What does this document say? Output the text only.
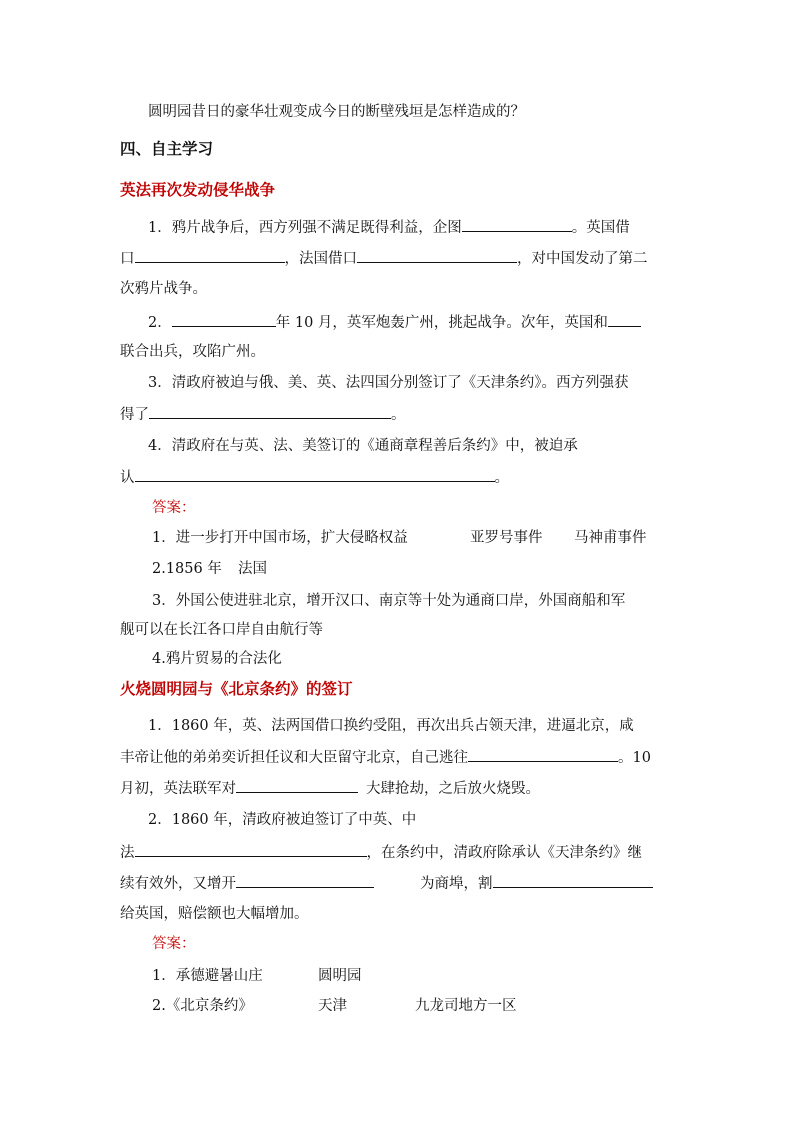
圆明园昔日的豪华壮观变成今日的断壁残垣是怎样造成的？
四、自主学习
英法再次发动侵华战争
1．鸦片战争后，西方列强不满足既得利益，企图	。英国借
口	，法国借口	，对中国发动了第二
次鸦片战争。
2．	年 10 月，英军炮轰广州，挑起战争。次年，英国和
联合出兵，攻陷广州。
3．清政府被迫与俄、美、英、法四国分别签订了《天津条约》。西方列强获
得了	。
4．清政府在与英、法、美签订的《通商章程善后条约》中，被迫承
认	。
答案：
1．进一步打开中国市场，扩大侵略权益	亚罗号事件 马神甫事件
2.1856 年 法国
3．外国公使进驻北京，增开汉口、南京等十处为通商口岸，外国商船和军
舰可以在长江各口岸自由航行等
4.鸦片贸易的合法化
火烧圆明园与《北京条约》的签订
1．1860 年，英、法两国借口换约受阻，再次出兵占领天津，进逼北京，咸
丰帝让他的弟弟奕䜣担任议和大臣留守北京，自己逃往	。10
月初，英法联军对	大肆抢劫，之后放火烧毁。
2．1860 年，清政府被迫签订了中英、中
法	，在条约中，清政府除承认《天津条约》继
续有效外，又增开	为商埠，割
给英国，赔偿额也大幅增加。
答案：
1．承德避暑山庄	圆明园
2.《北京条约》	天津	九龙司地方一区
